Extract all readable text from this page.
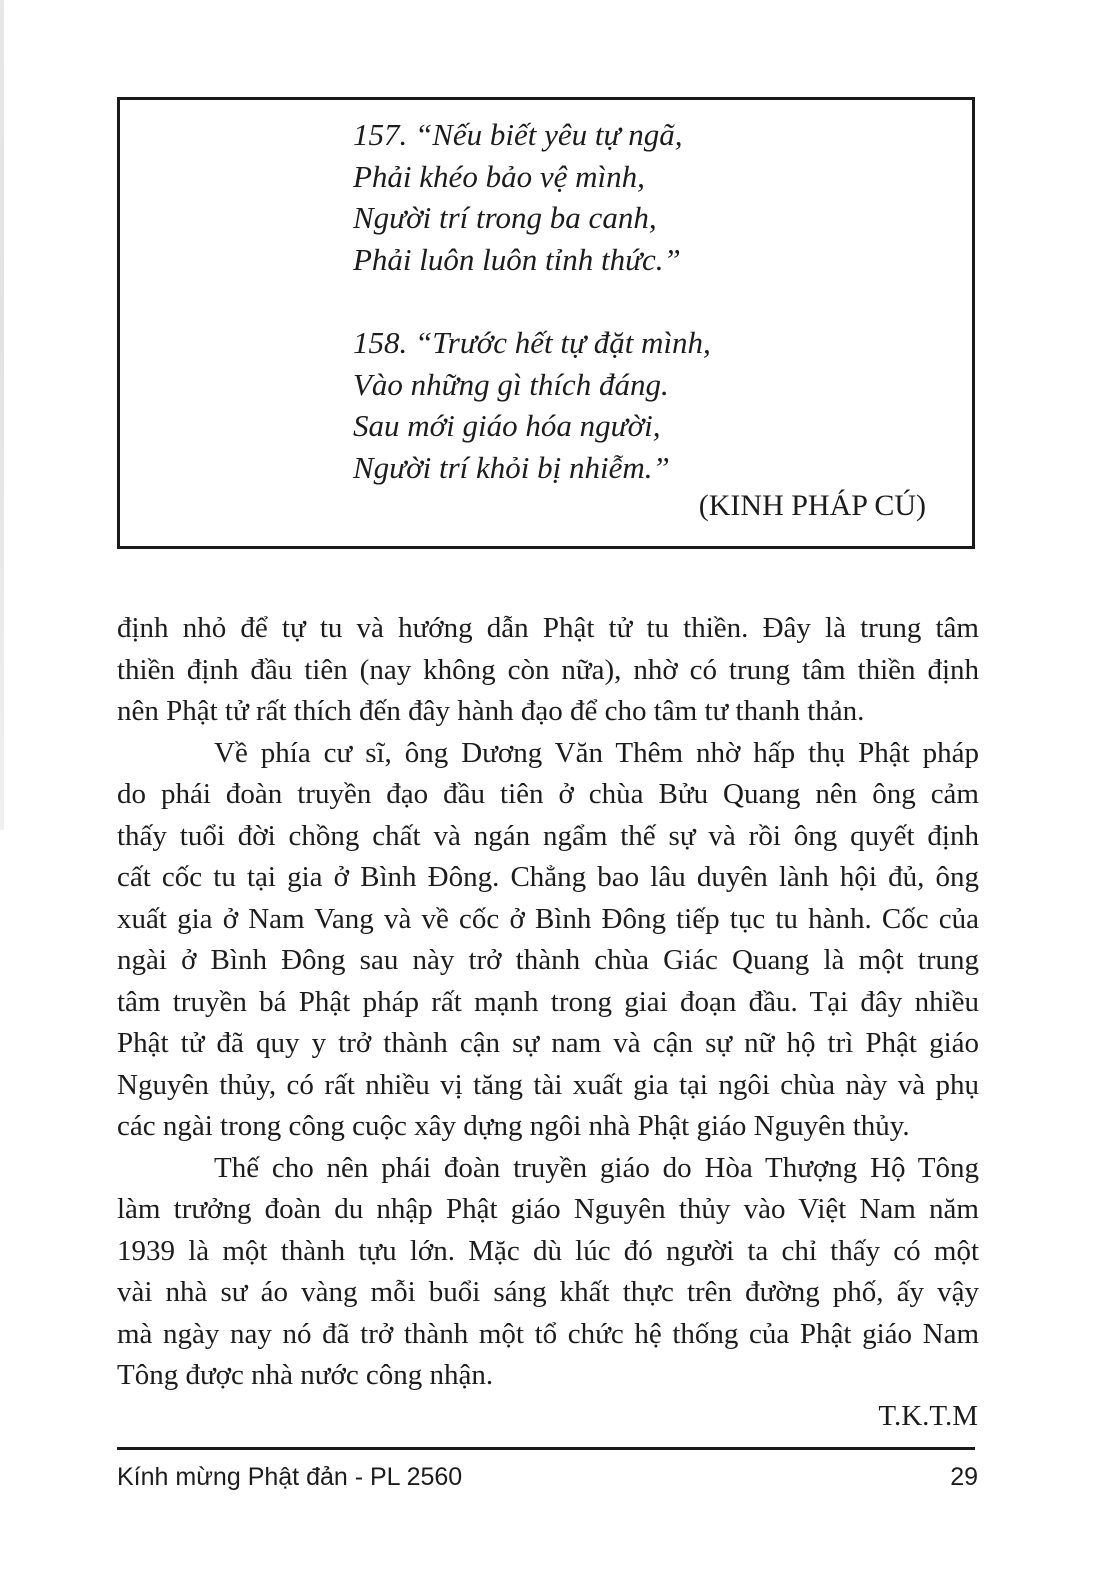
157. “Nếu biết yêu tự ngã,
Phải khéo bảo vệ mình,
Người trí trong ba canh,
Phải luôn luôn tỉnh thức.”
158. “Trước hết tự đặt mình,
Vào những gì thích đáng.
Sau mới giáo hóa người,
Người trí khỏi bị nhiễm.”
(KINH PHÁP CÚ)
định nhỏ để tự tu và hướng dẫn Phật tử tu thiền. Đây là trung tâm
thiền định đầu tiên (nay không còn nữa), nhờ có trung tâm thiền định
nên Phật tử rất thích đến đây hành đạo để cho tâm tư thanh thản.
Về phía cư sĩ, ông Dương Văn Thêm nhờ hấp thụ Phật pháp
do phái đoàn truyền đạo đầu tiên ở chùa Bửu Quang nên ông cảm
thấy tuổi đời chồng chất và ngán ngẩm thế sự và rồi ông quyết định
cất cốc tu tại gia ở Bình Đông. Chẳng bao lâu duyên lành hội đủ, ông
xuất gia ở Nam Vang và về cốc ở Bình Đông tiếp tục tu hành. Cốc của
ngài ở Bình Đông sau này trở thành chùa Giác Quang là một trung
tâm truyền bá Phật pháp rất mạnh trong giai đoạn đầu. Tại đây nhiều
Phật tử đã quy y trở thành cận sự nam và cận sự nữ hộ trì Phật giáo
Nguyên thủy, có rất nhiều vị tăng tài xuất gia tại ngôi chùa này và phụ
các ngài trong công cuộc xây dựng ngôi nhà Phật giáo Nguyên thủy.
Thế cho nên phái đoàn truyền giáo do Hòa Thượng Hộ Tông
làm trưởng đoàn du nhập Phật giáo Nguyên thủy vào Việt Nam năm
1939 là một thành tựu lớn. Mặc dù lúc đó người ta chỉ thấy có một
vài nhà sư áo vàng mỗi buổi sáng khất thực trên đường phố, ấy vậy
mà ngày nay nó đã trở thành một tổ chức hệ thống của Phật giáo Nam
Tông được nhà nước công nhận.
T.K.T.M
Kính mừng Phật đản - PL 2560	29
